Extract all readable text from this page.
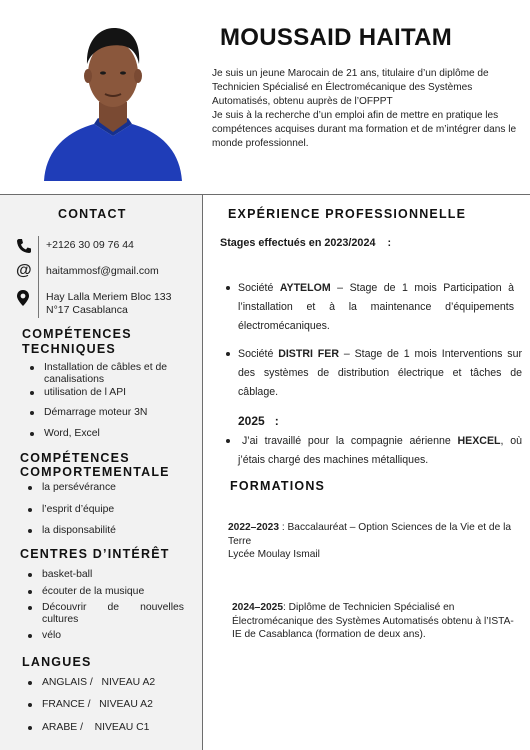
MOUSSAID HAITAM
Je suis un jeune Marocain de 21 ans, titulaire d’un diplôme de Technicien Spécialisé en Électromécanique des Systèmes Automatisés, obtenu auprès de l’OFPPT
Je suis à la recherche d’un emploi afin de mettre en pratique les compétences acquises durant ma formation et de m’intégrer dans le monde professionnel.
CONTACT
+2126 30 09 76 44
@ haitammosf@gmail.com
Hay Lalla Meriem Bloc 133 N°17 Casablanca
COMPÉTENCES TECHNIQUES
Installation de câbles et de canalisations
utilisation de l API
Démarrage moteur 3N
Word, Excel
COMPÉTENCES COMPORTEMENTALE
la persévérance
l’esprit d’équipe
la disponsabilité
CENTRES D’INTÉRÊT
basket-ball
écouter de la musique
Découvrir de nouvelles cultures
vélo
LANGUES
ANGLAIS / NIVEAU A2
FRANCE / NIVEAU A2
ARABE / NIVEAU C1
EXPÉRIENCE PROFESSIONNELLE
Stages effectués en 2023/2024 :
Société AYTELOM – Stage de 1 mois Participation à l’installation et à la maintenance d’équipements électromécaniques.
Société DISTRI FER – Stage de 1 mois Interventions sur des systèmes de distribution électrique et tâches de câblage.
2025 :
J’ai travaillé pour la compagnie aérienne HEXCEL, où j’étais chargé des machines métalliques.
FORMATIONS
2022–2023 : Baccalauréat – Option Sciences de la Vie et de la Terre
Lycée Moulay Ismail
2024–2025: Diplôme de Technicien Spécialisé en Électromécanique des Systèmes Automatisés obtenu à l’ISTA-IE de Casablanca (formation de deux ans).
